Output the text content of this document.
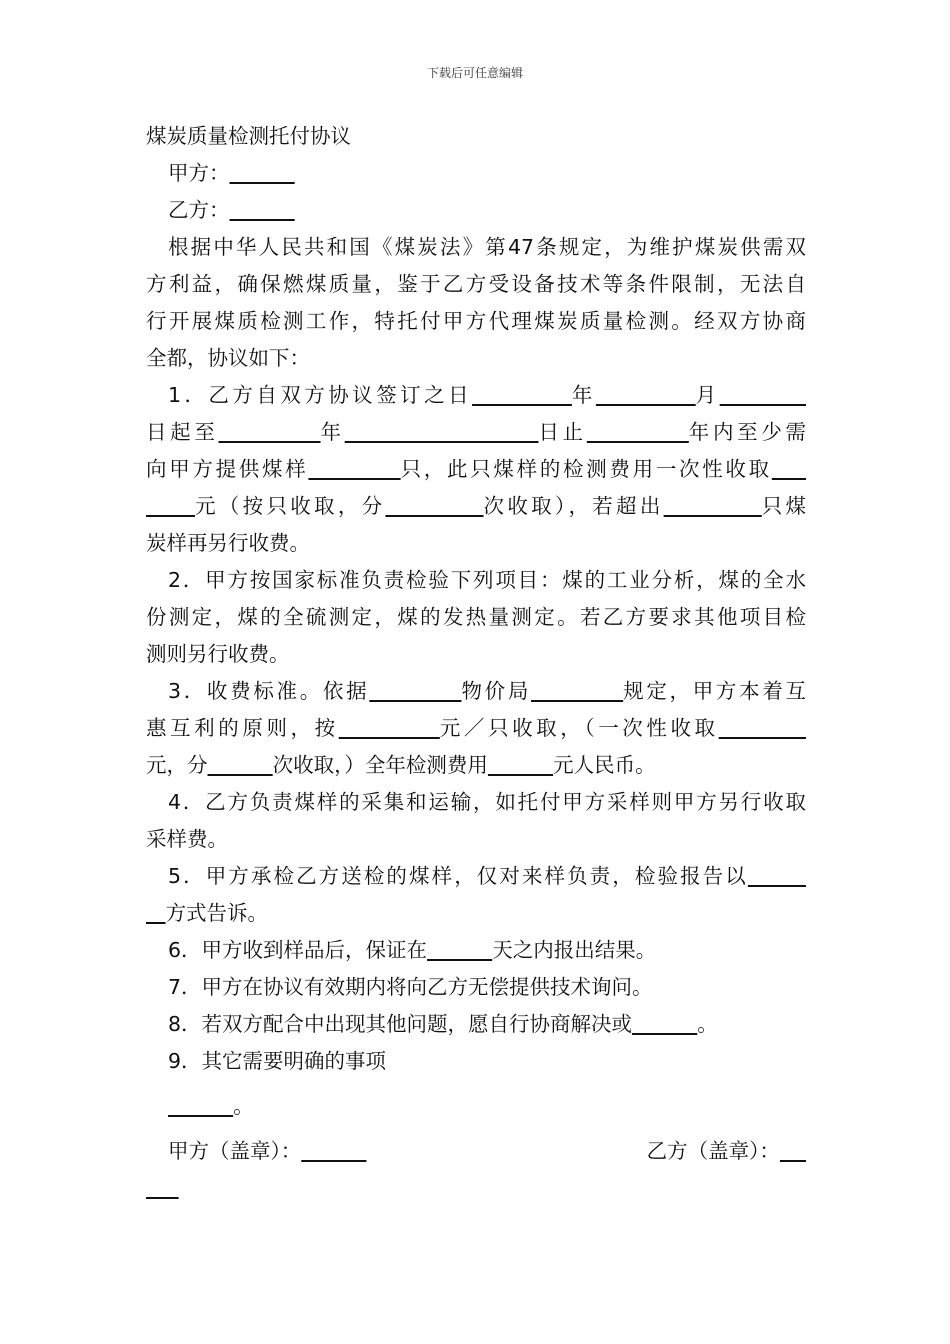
下载后可任意编辑
煤炭质量检测托付协议
甲方：
乙方：
根据中华人民共和国《煤炭法》第47条规定，为维护煤炭供需双
方利益，确保燃煤质量，鉴于乙方受设备技术等条件限制，无法自
行开展煤质检测工作，特托付甲方代理煤炭质量检测。经双方协商
全都，协议如下：
1．乙方自双方协议签订之日	年	月
日起至	年	日止	年内至少需
向甲方提供煤样	只，此只煤样的检测费用一次性收取
元（按只收取，分	次收取），若超出	只煤
炭样再另行收费。
2．甲方按国家标准负责检验下列项目：煤的工业分析，煤的全水
份测定，煤的全硫测定，煤的发热量测定。若乙方要求其他项目检
测则另行收费。
3．收费标准。依据	物价局	规定，甲方本着互
惠互利的原则，按	元／只收取，（一次性收取
元，分	次收取，）全年检测费用	元人民币。
4．乙方负责煤样的采集和运输，如托付甲方采样则甲方另行收取
采样费。
5．甲方承检乙方送检的煤样，仅对来样负责，检验报告以
方式告诉。
6．甲方收到样品后，保证在	天之内报出结果。
7．甲方在协议有效期内将向乙方无偿提供技术询问。
8．若双方配合中出现其他问题，愿自行协商解决或	。
9．其它需要明确的事项
。
甲方（盖章）：	乙方（盖章）：
